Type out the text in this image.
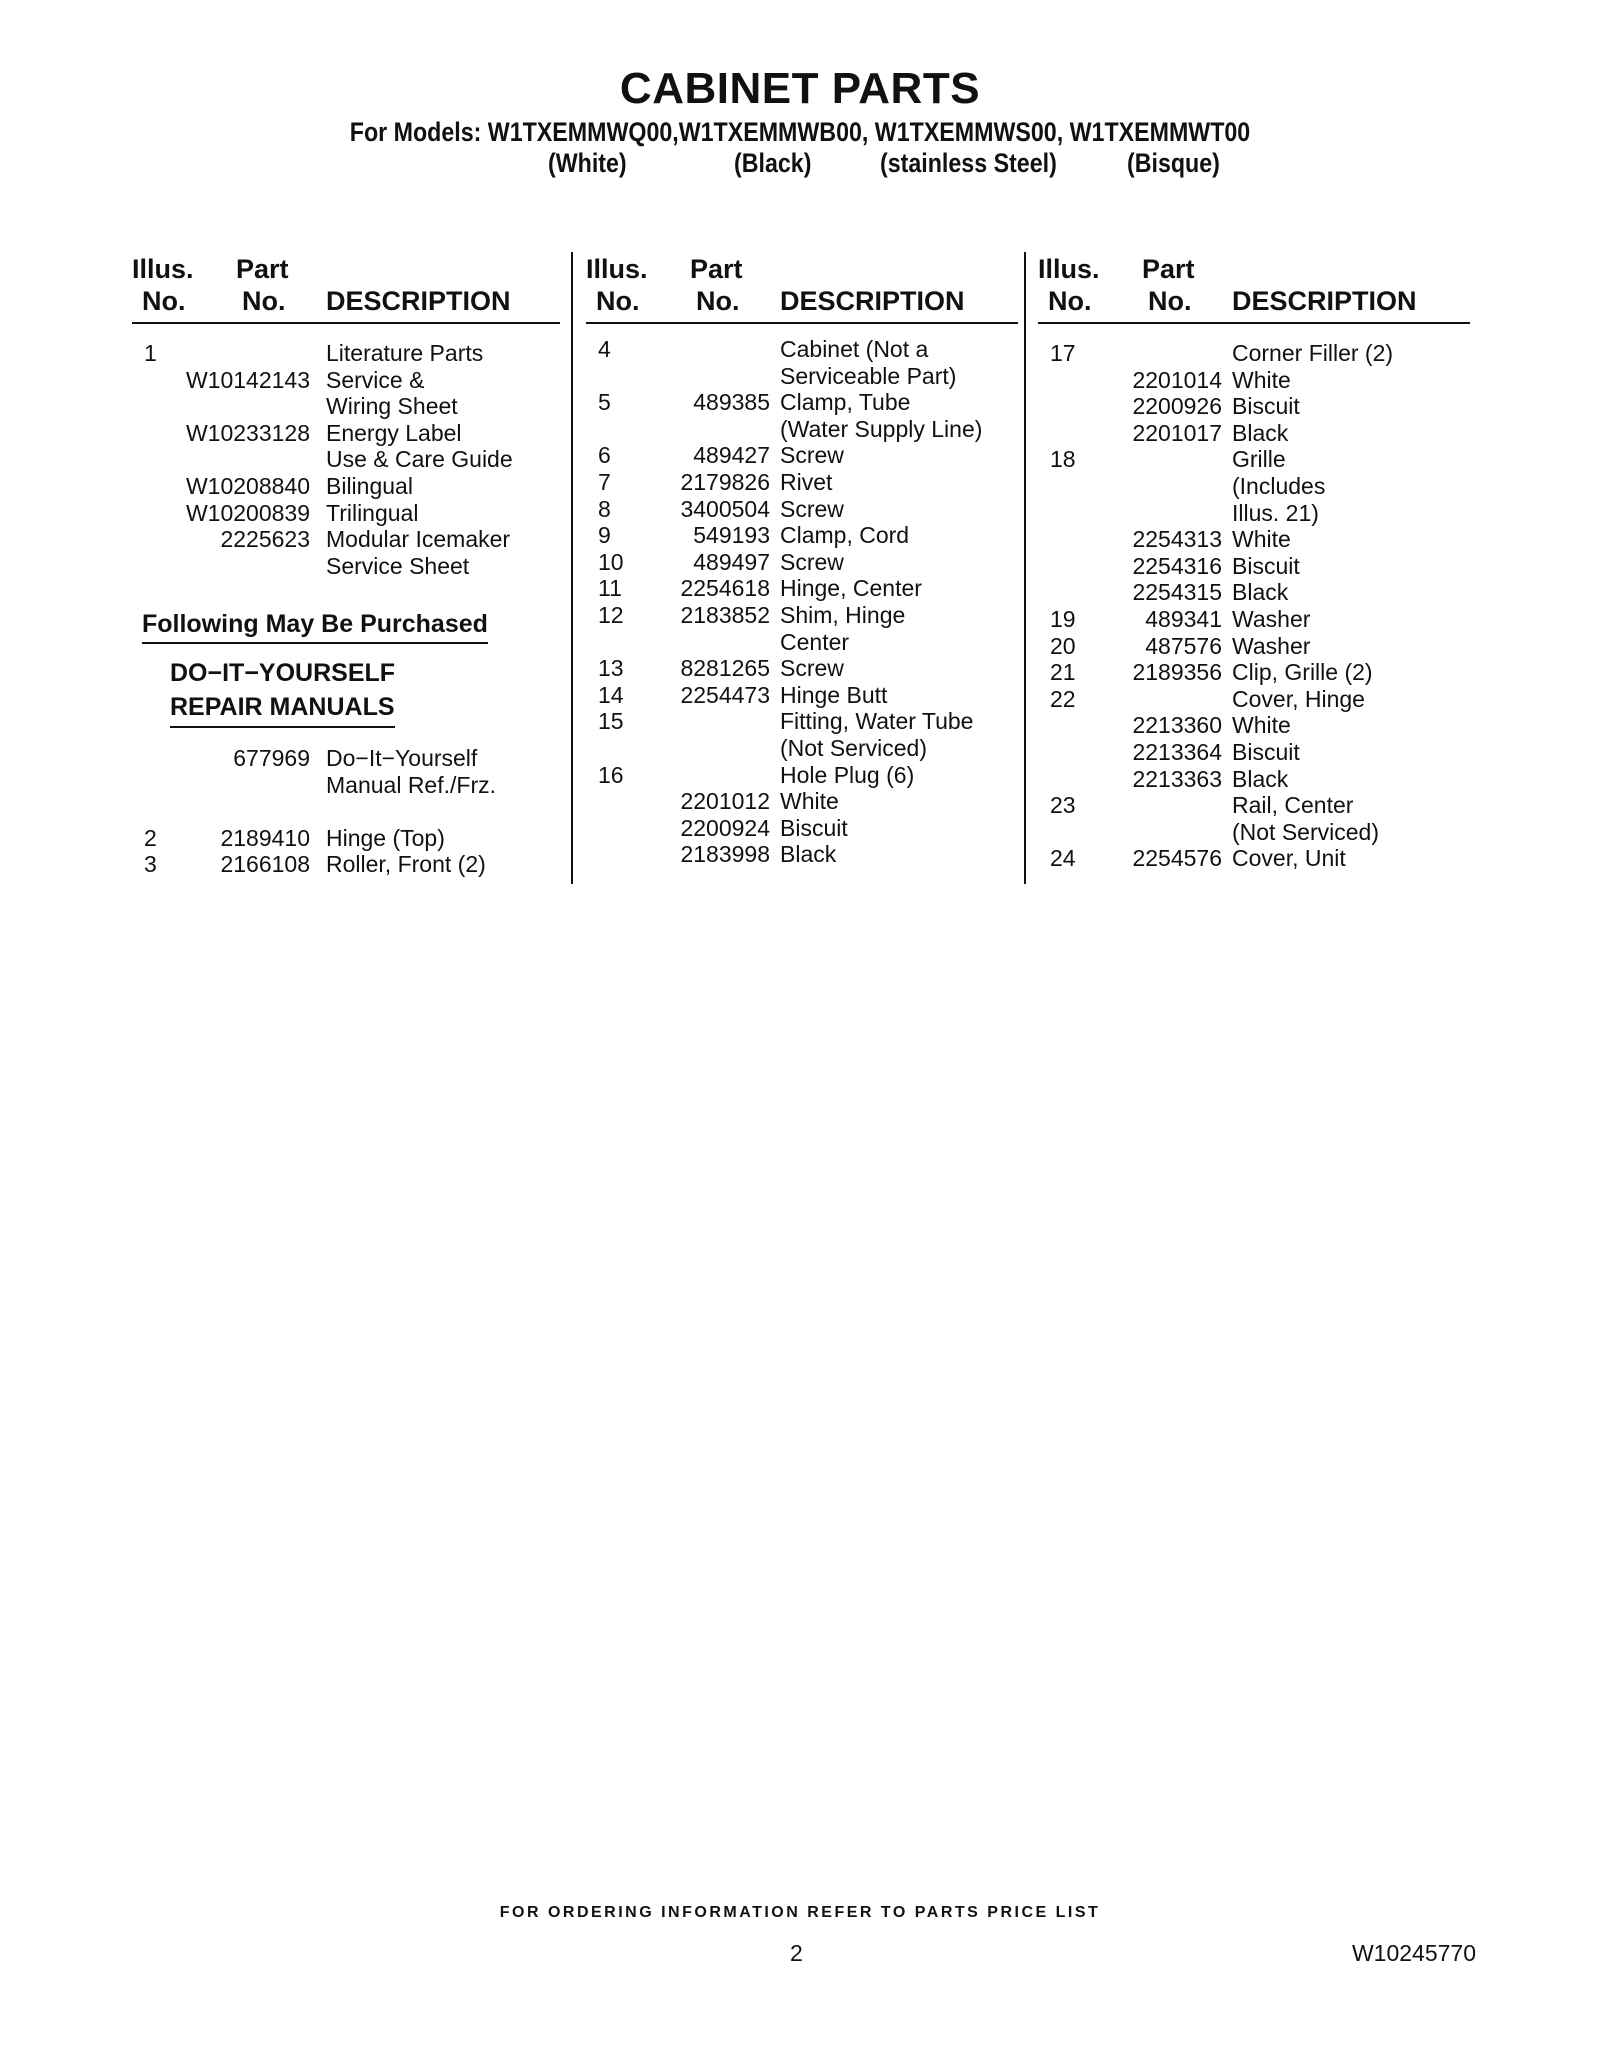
CABINET PARTS
For Models: W1TXEMMWQ00,W1TXEMMWB00, W1TXEMMWS00, W1TXEMMWT00
(White)	(Black)	(stainless Steel)	(Bisque)
Illus.
No.
Part
No. DESCRIPTION
1	Literature Parts
W10142143 Service &
Wiring Sheet
W10233128 Energy Label
Use & Care Guide
W10208840 Bilingual
W10200839 Trilingual
2225623 Modular Icemaker
Service Sheet
Following May Be Purchased
DO−IT−YOURSELF
REPAIR MANUALS
677969 Do−It−Yourself
Manual Ref./Frz.
2	2189410 Hinge (Top)
3	2166108 Roller, Front (2)
Illus.
No.
Part
No. DESCRIPTION
4	Cabinet (Not a
Serviceable Part)
5	489385 Clamp, Tube
(Water Supply Line)
6	489427 Screw
7	2179826 Rivet
8	3400504 Screw
9	549193 Clamp, Cord
10	489497 Screw
11	2254618 Hinge, Center
12 2183852 Shim, Hinge
Center
13 8281265 Screw
14 2254473 Hinge Butt
15	Fitting, Water Tube
(Not Serviced)
16	Hole Plug (6)
2201012 White
2200924 Biscuit
2183998 Black
Illus.
No.
Part
No. DESCRIPTION
17	Corner Filler (2)
2201014 White
2200926 Biscuit
2201017 Black
18	Grille
(Includes
Illus. 21)
2254313 White
2254316 Biscuit
2254315 Black
19	489341 Washer
20	487576 Washer
21 2189356 Clip, Grille (2)
22	Cover, Hinge
2213360 White
2213364 Biscuit
2213363 Black
23	Rail, Center
(Not Serviced)
24 2254576 Cover, Unit
FOR ORDERING INFORMATION REFER TO PARTS PRICE LIST
2	W10245770
